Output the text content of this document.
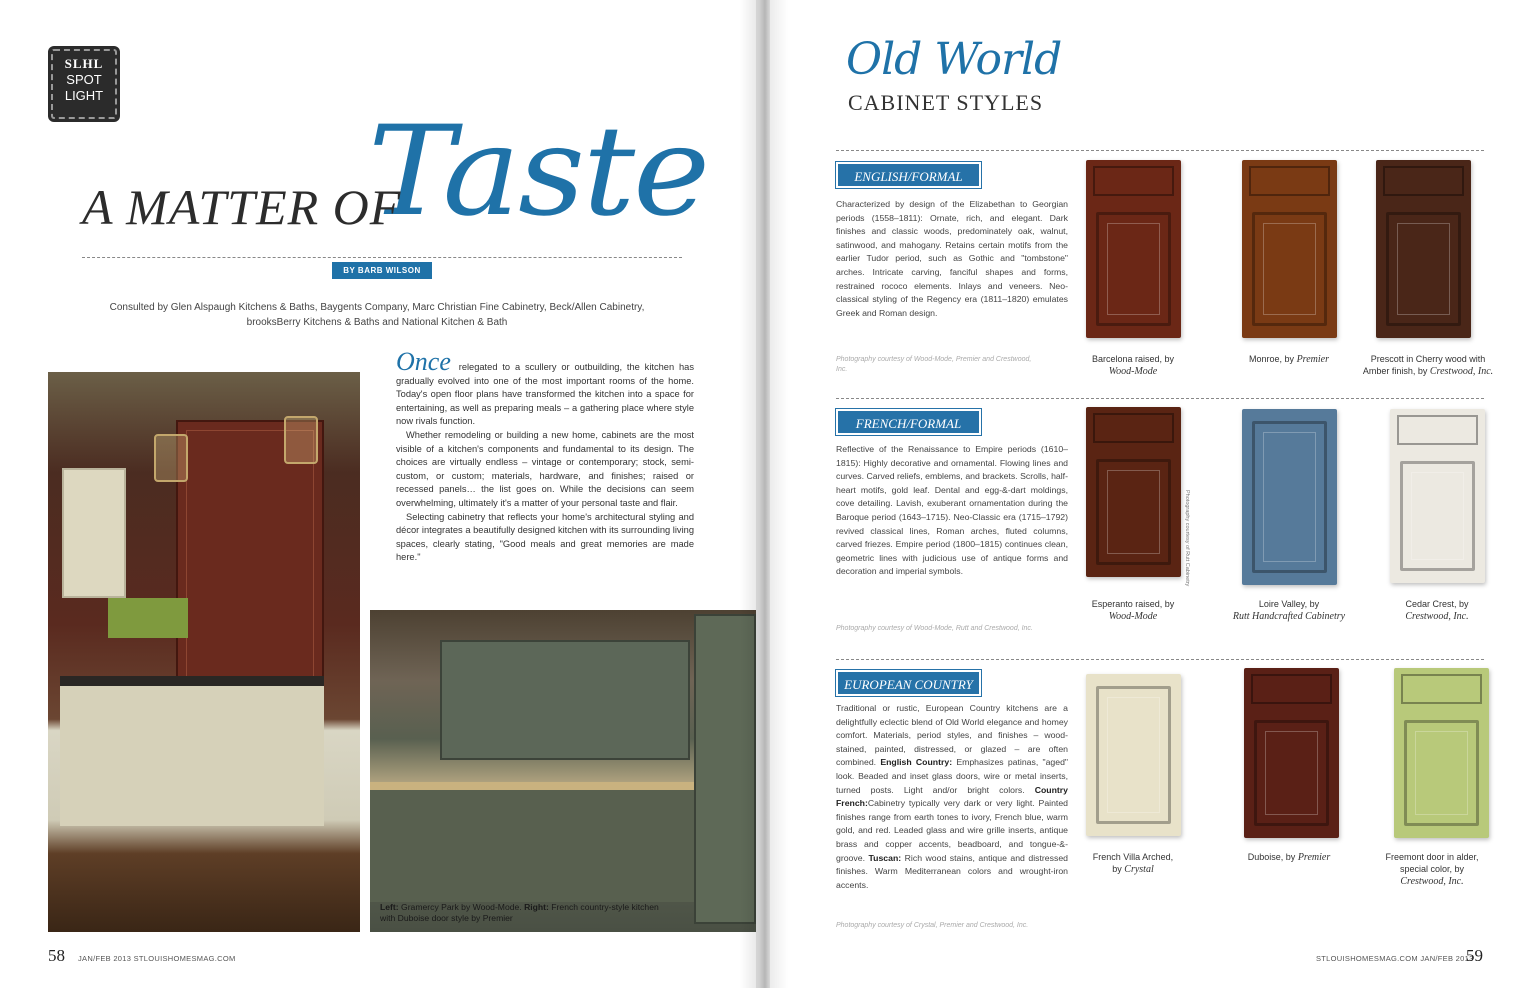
SLHL
SPOT
LIGHT
Taste
A MATTER OF
BY BARB WILSON
Consulted by Glen Alspaugh Kitchens & Baths, Baygents Company, Marc Christian Fine Cabinetry, Beck/Allen Cabinetry,
brooksBerry Kitchens & Baths and National Kitchen & Bath

Once relegated to a scullery or outbuilding, the kitchen has gradually evolved into one of the most important rooms of the home. Today's open floor plans have transformed the kitchen into a space for entertaining, as well as preparing meals – a gathering place where style now rivals function.

Whether remodeling or building a new home, cabinets are the most visible of a kitchen's components and fundamental to its design. The choices are virtually endless – vintage or contemporary; stock, semi-custom, or custom; materials, hardware, and finishes; raised or recessed panels… the list goes on. While the decisions can seem overwhelming, ultimately it's a matter of your personal taste and flair.

Selecting cabinetry that reflects your home's architectural styling and décor integrates a beautifully designed kitchen with its surrounding living spaces, clearly stating, "Good meals and great memories are made here."

Left: Gramercy Park by Wood-Mode. Right: French country-style kitchen with Duboise door style by Premier
58 JAN/FEB 2013 STLOUISHOMESMAG.COM
Old World
CABINET STYLES
ENGLISH/FORMAL
Characterized by design of the Elizabethan to Georgian periods (1558–1811): Ornate, rich, and elegant. Dark finishes and classic woods, predominately oak, walnut, satinwood, and mahogany. Retains certain motifs from the earlier Tudor period, such as Gothic and "tombstone" arches. Intricate carving, fanciful shapes and forms, restrained rococo elements. Inlays and veneers. Neo-classical styling of the Regency era (1811–1820) emulates Greek and Roman design.
Photography courtesy of Wood-Mode, Premier and Crestwood, Inc.
Barcelona raised, by
Wood-Mode
Monroe, by Premier	Prescott in Cherry wood with Amber finish, by Crestwood, Inc.
FRENCH/FORMAL
Reflective of the Renaissance to Empire periods (1610–1815): Highly decorative and ornamental. Flowing lines and curves. Carved reliefs, emblems, and brackets. Scrolls, half-heart motifs, gold leaf. Dental and egg-&-dart moldings, cove detailing. Lavish, exuberant ornamentation during the Baroque period (1643–1715). Neo-Classic era (1715–1792) revived classical lines, Roman arches, fluted columns, carved friezes. Empire period (1800–1815) continues clean, geometric lines with judicious use of antique forms and decoration and imperial symbols.
Photography courtesy of Wood-Mode, Rutt and Crestwood, Inc.
Photography courtesy of Rutt Cabinetry
Esperanto raised, by
Wood-Mode
Loire Valley, by
Rutt Handcrafted Cabinetry
Cedar Crest, by
Crestwood, Inc.
EUROPEAN COUNTRY
Traditional or rustic, European Country kitchens are a delightfully eclectic blend of Old World elegance and homey comfort. Materials, period styles, and finishes – wood-stained, painted, distressed, or glazed – are often combined. English Country: Emphasizes patinas, "aged" look. Beaded and inset glass doors, wire or metal inserts, turned posts. Light and/or bright colors. Country French:Cabinetry typically very dark or very light. Painted finishes range from earth tones to ivory, French blue, warm gold, and red. Leaded glass and wire grille inserts, antique brass and copper accents, beadboard, and tongue-&-groove. Tuscan: Rich wood stains, antique and distressed finishes. Warm Mediterranean colors and wrought-iron accents.
Photography courtesy of Crystal, Premier and Crestwood, Inc.
French Villa Arched,
by Crystal
Duboise, by Premier	Freemont door in alder, special color, by
Crestwood, Inc.
STLOUISHOMESMAG.COM JAN/FEB 2013
59
